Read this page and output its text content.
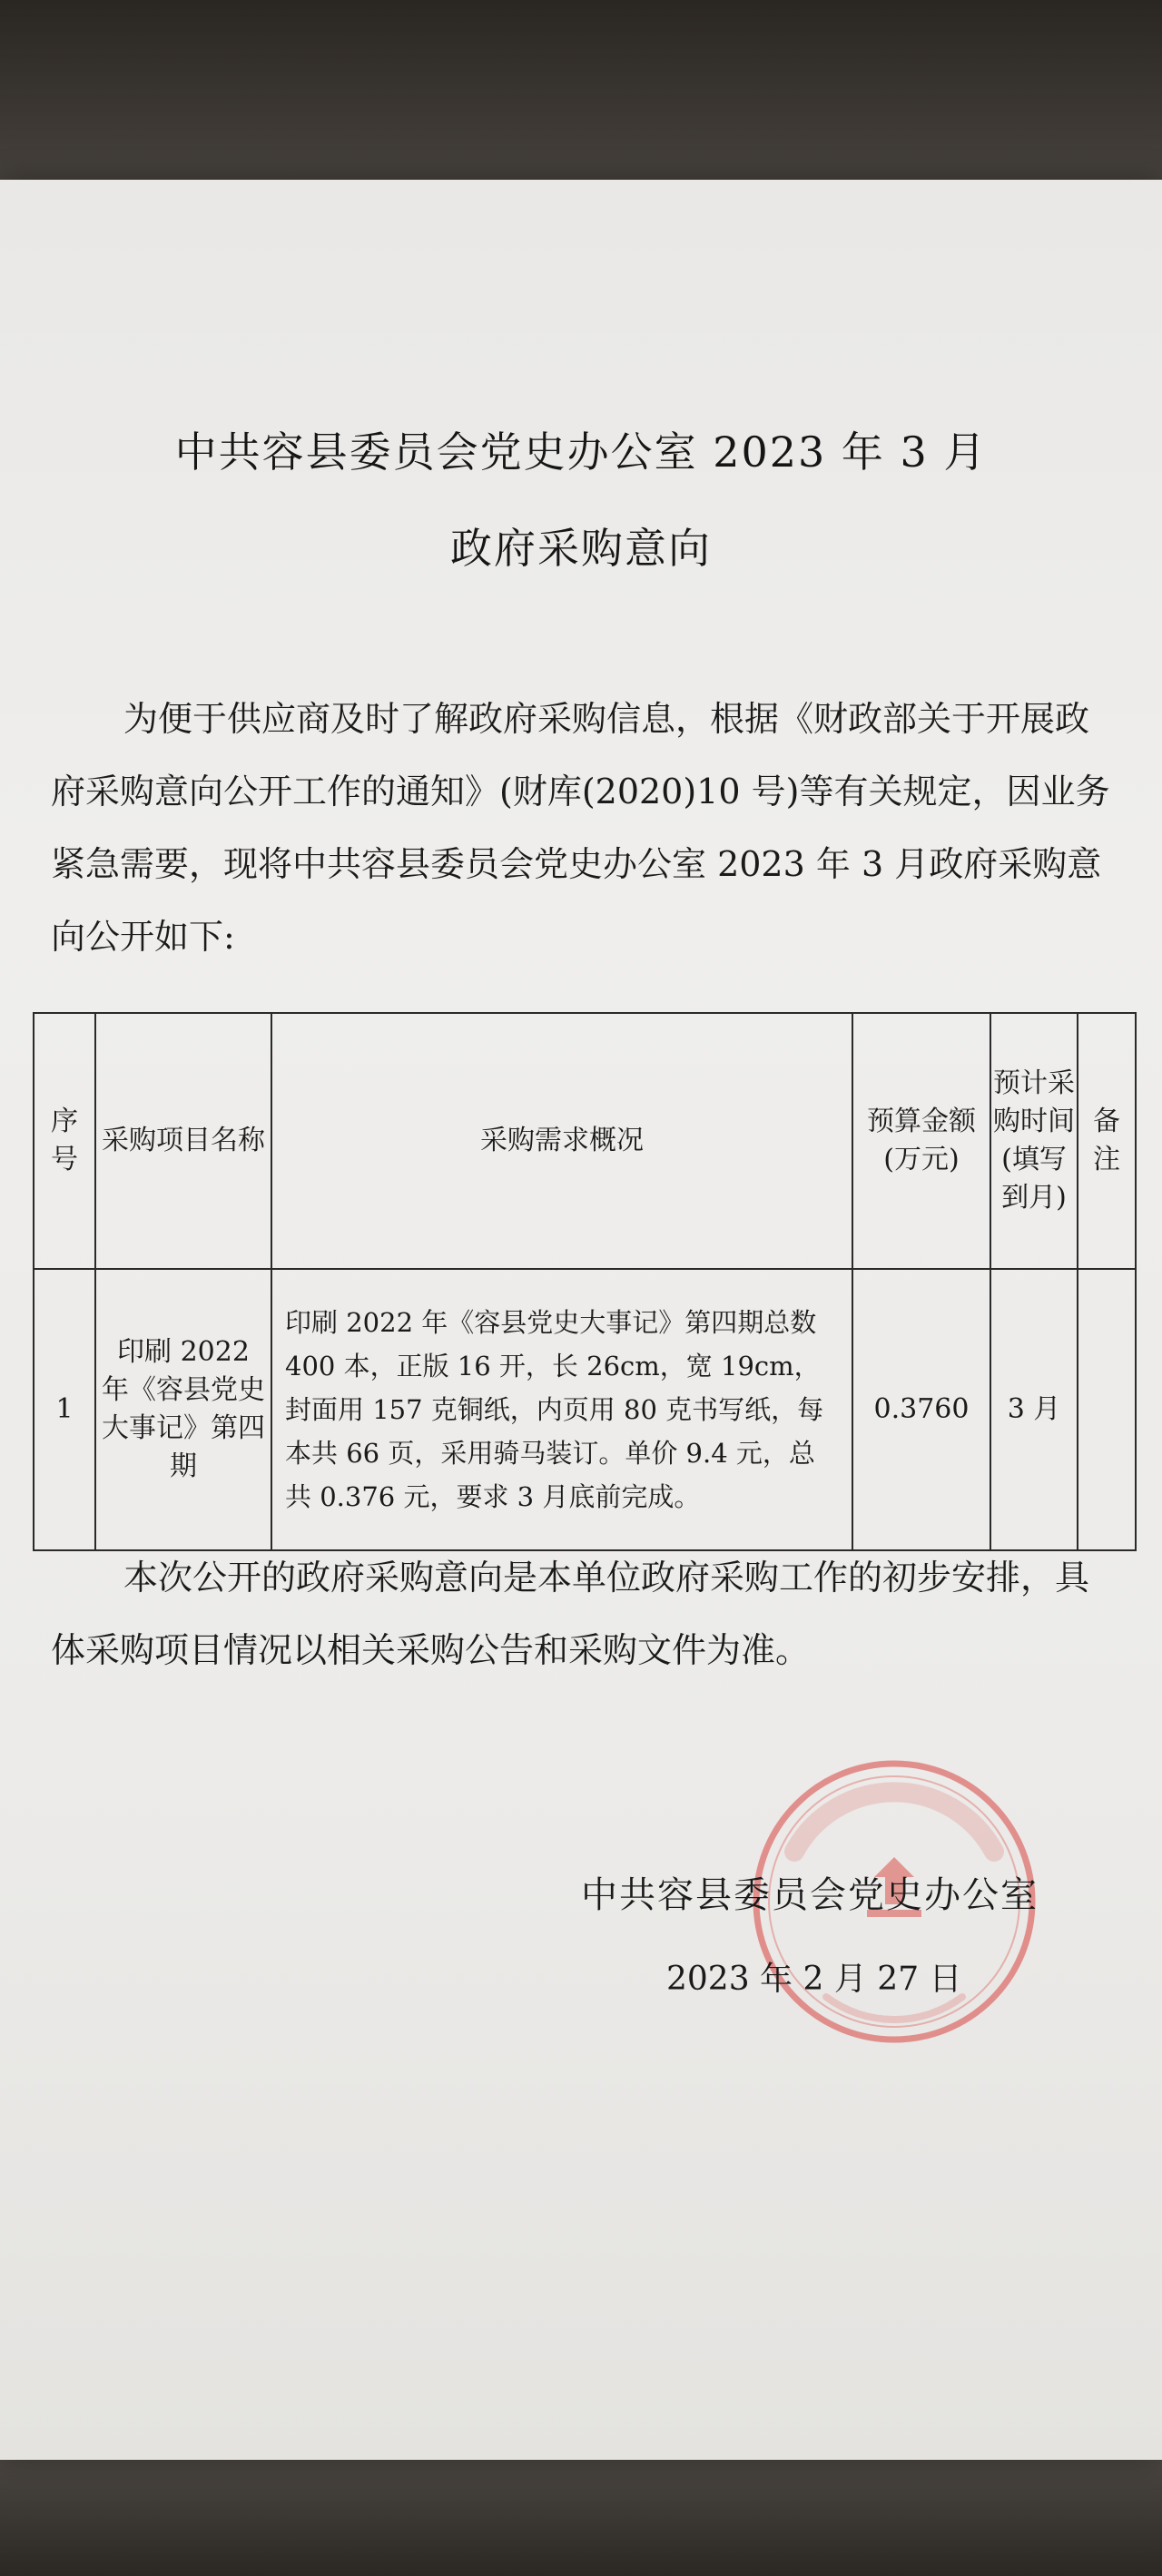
中共容县委员会党史办公室 2023 年 3 月
政府采购意向
为便于供应商及时了解政府采购信息，根据《财政部关于开展政府采购意向公开工作的通知》(财库(2020)10 号)等有关规定，因业务紧急需要，现将中共容县委员会党史办公室 2023 年 3 月政府采购意向公开如下:
序号	采购项目名称	采购需求概况	预算金额(万元)	预计采购时间(填写到月)	备注
1	印刷 2022 年《容县党史大事记》第四期	印刷 2022 年《容县党史大事记》第四期总数 400 本，正版 16 开，长 26cm，宽 19cm，封面用 157 克铜纸，内页用 80 克书写纸，每本共 66 页，采用骑马装订。单价 9.4 元，总共 0.376 元，要求 3 月底前完成。	0.3760	3 月	
本次公开的政府采购意向是本单位政府采购工作的初步安排，具体采购项目情况以相关采购公告和采购文件为准。
中共容县委员会党史办公室
2023 年 2 月 27 日
